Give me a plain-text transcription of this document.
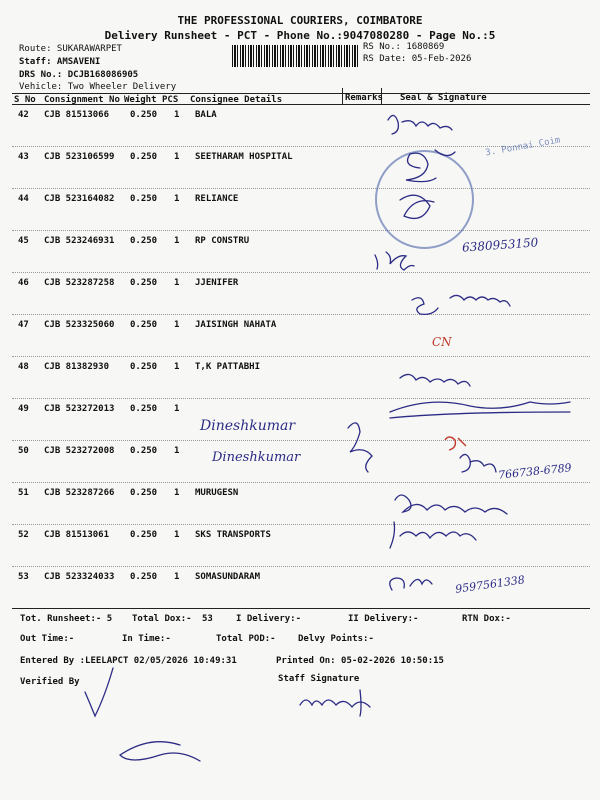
THE PROFESSIONAL COURIERS, COIMBATORE
Delivery Runsheet - PCT - Phone No.:9047080280 - Page No.:5
Route: SUKARAWARPET
Staff: AMSAVENI
DRS No.: DCJB168086905
Vehicle: Two Wheeler Delivery
RS No.: 1680869
RS Date: 05-Feb-2026
S No Consignment No Weight PCS Consignee Details	Remarks Seal & Signature
42 CJB 81513066 0.250 1 BALA
43 CJB 523106599 0.250 1 SEETHARAM HOSPITAL
44 CJB 523164082 0.250 1 RELIANCE
45 CJB 523246931 0.250 1 RP CONSTRU
46 CJB 523287258 0.250 1 JJENIFER
47 CJB 523325060 0.250 1 JAISINGH NAHATA
48 CJB 81382930 0.250 1 T,K PATTABHI
49 CJB 523272013 0.250 1
50 CJB 523272008 0.250 1
51 CJB 523287266 0.250 1 MURUGESN
52 CJB 81513061 0.250 1 SKS TRANSPORTS
53 CJB 523324033 0.250 1 SOMASUNDARAM
3. Ponnai Coim
Dineshkumar
Dineshkumar
6380953150
CN
766738-6789
9597561338
Tot. Runsheet:- 5 Total Dox:- 53	I Delivery:-	II Delivery:-	RTN Dox:-
Out Time:-	In Time:-	Total POD:- Delvy Points:-
Entered By :LEELAPCT 02/05/2026 10:49:31	Printed On: 05-02-2026 10:50:15
Verified By	Staff Signature
